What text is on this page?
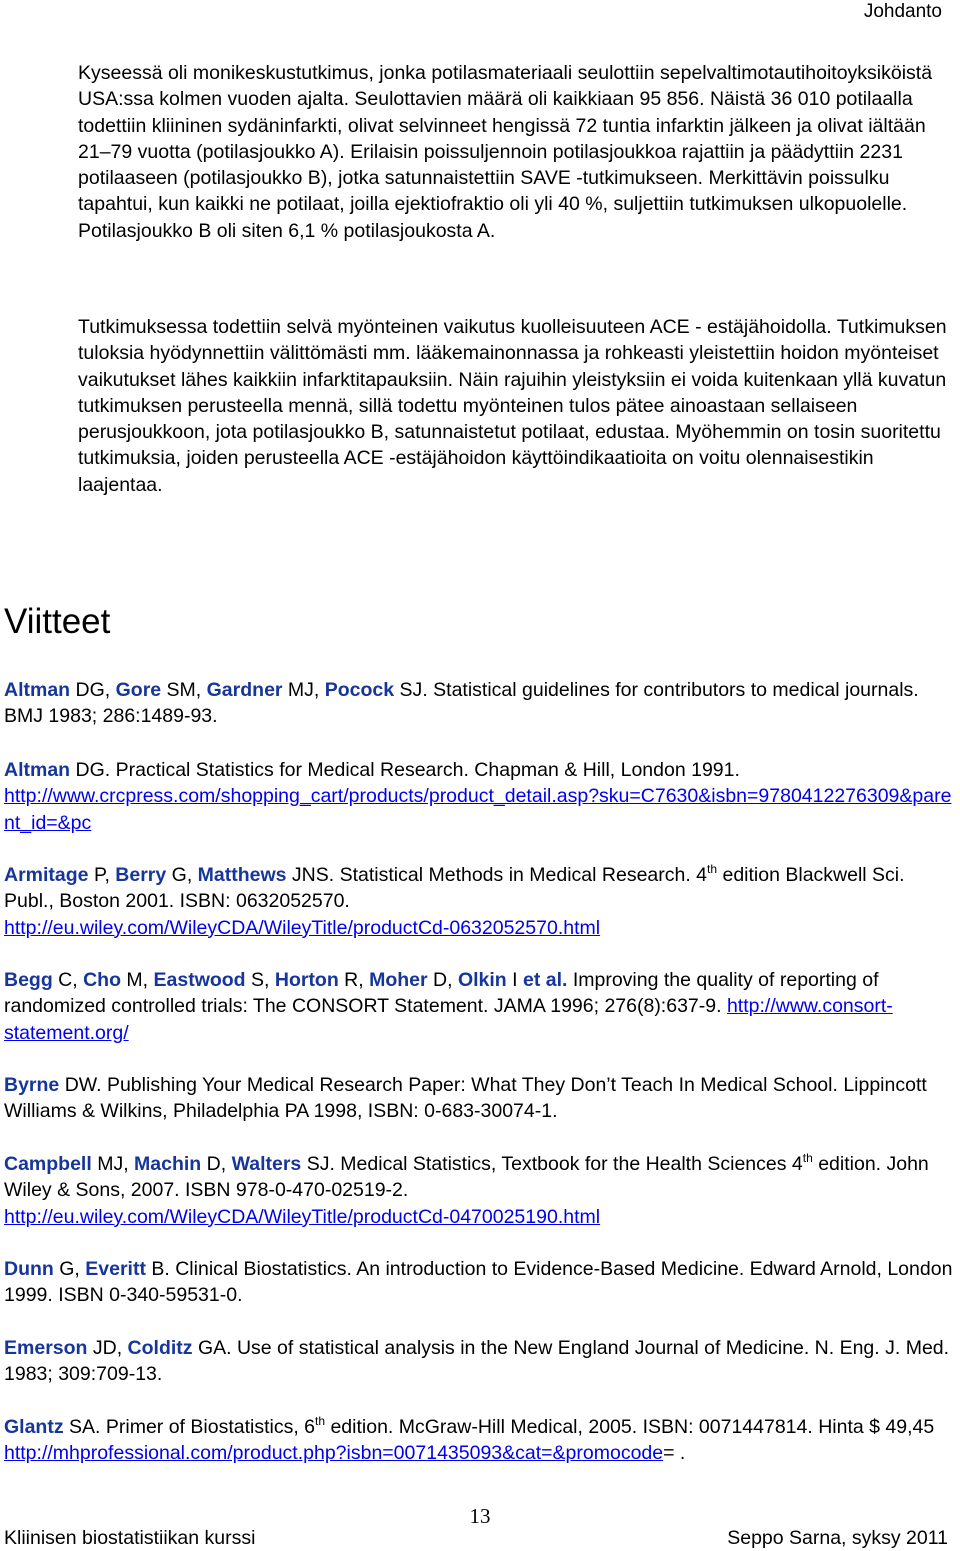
Johdanto

Kyseessä oli monikeskustutkimus, jonka potilasmateriaali seulottiin sepelvaltimotautihoitoyksiköistä USA:ssa kolmen vuoden ajalta. Seulottavien määrä oli kaikkiaan 95 856. Näistä 36 010 potilaalla todettiin kliininen sydäninfarkti, olivat selvinneet hengissä 72 tuntia infarktin jälkeen ja olivat iältään 21–79 vuotta (potilasjoukko A). Erilaisin poissuljennoin potilasjoukkoa rajattiin ja päädyttiin 2231 potilaaseen (potilasjoukko B), jotka satunnaistettiin SAVE -tutkimukseen. Merkittävin poissulku tapahtui, kun kaikki ne potilaat, joilla ejektiofraktio oli yli 40 %, suljettiin tutkimuksen ulkopuolelle. Potilasjoukko B oli siten 6,1 % potilasjoukosta A.

Tutkimuksessa todettiin selvä myönteinen vaikutus kuolleisuuteen ACE - estäjähoidolla. Tutkimuksen tuloksia hyödynnettiin välittömästi mm. lääkemainonnassa ja rohkeasti yleistettiin hoidon myönteiset vaikutukset lähes kaikkiin infarktitapauksiin. Näin rajuihin yleistyksiin ei voida kuitenkaan yllä kuvatun tutkimuksen perusteella mennä, sillä todettu myönteinen tulos pätee ainoastaan sellaiseen perusjoukkoon, jota potilasjoukko B, satunnaistetut potilaat, edustaa. Myöhemmin on tosin suoritettu tutkimuksia, joiden perusteella ACE -estäjähoidon käyttöindikaatioita on voitu olennaisestikin laajentaa.

Viitteet
Altman DG, Gore SM, Gardner MJ, Pocock SJ. Statistical guidelines for contributors to medical journals. BMJ 1983; 286:1489-93.
Altman DG. Practical Statistics for Medical Research. Chapman & Hill, London 1991.
http://www.crcpress.com/shopping_cart/products/product_detail.asp?sku=C7630&isbn=9780412276309&parent_id=&pc
Armitage P, Berry G, Matthews JNS. Statistical Methods in Medical Research. 4th edition Blackwell Sci. Publ., Boston 2001. ISBN: 0632052570.
http://eu.wiley.com/WileyCDA/WileyTitle/productCd-0632052570.html
Begg C, Cho M, Eastwood S, Horton R, Moher D, Olkin I et al. Improving the quality of reporting of randomized controlled trials: The CONSORT Statement. JAMA 1996; 276(8):637-9. http://www.consort-statement.org/
Byrne DW. Publishing Your Medical Research Paper: What They Don’t Teach In Medical School. Lippincott Williams & Wilkins, Philadelphia PA 1998, ISBN: 0-683-30074-1.
Campbell MJ, Machin D, Walters SJ. Medical Statistics, Textbook for the Health Sciences 4th edition. John Wiley & Sons, 2007. ISBN 978-0-470-02519-2.
http://eu.wiley.com/WileyCDA/WileyTitle/productCd-0470025190.html
Dunn G, Everitt B. Clinical Biostatistics. An introduction to Evidence-Based Medicine. Edward Arnold, London 1999. ISBN 0-340-59531-0.
Emerson JD, Colditz GA. Use of statistical analysis in the New England Journal of Medicine. N. Eng. J. Med. 1983; 309:709-13.
Glantz SA. Primer of Biostatistics, 6th edition. McGraw-Hill Medical, 2005. ISBN: 0071447814. Hinta $ 49,45 http://mhprofessional.com/product.php?isbn=0071435093&cat=&promocode= .
13
Kliinisen biostatistiikan kurssi	Seppo Sarna, syksy 2011
